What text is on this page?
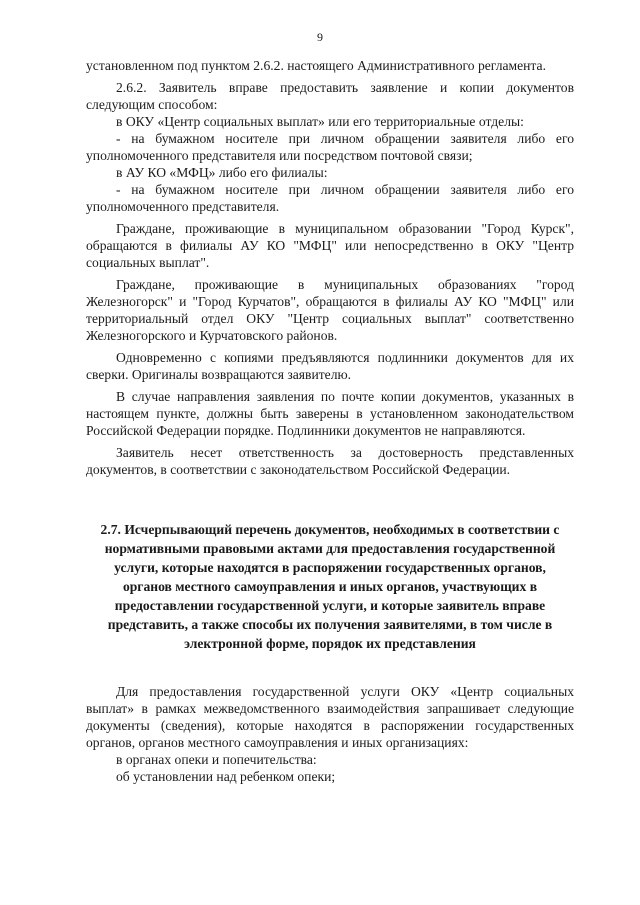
9

установленном под пунктом 2.6.2. настоящего Административного регламента.

2.6.2. Заявитель вправе предоставить заявление и копии документов следующим способом:

в ОКУ «Центр социальных выплат» или его территориальные отделы:

- на бумажном носителе при личном обращении заявителя либо его уполномоченного представителя или посредством почтовой связи;

в АУ КО «МФЦ» либо его филиалы:

- на бумажном носителе при личном обращении заявителя либо его уполномоченного представителя.

Граждане, проживающие в муниципальном образовании "Город Курск", обращаются в филиалы АУ КО "МФЦ" или непосредственно в ОКУ "Центр социальных выплат".

Граждане, проживающие в муниципальных образованиях "город Железногорск" и "Город Курчатов", обращаются в филиалы АУ КО "МФЦ" или территориальный отдел ОКУ "Центр социальных выплат" соответственно Железногорского и Курчатовского районов.

Одновременно с копиями предъявляются подлинники документов для их сверки. Оригиналы возвращаются заявителю.

В случае направления заявления по почте копии документов, указанных в настоящем пункте, должны быть заверены в установленном законодательством Российской Федерации порядке. Подлинники документов не направляются.

Заявитель несет ответственность за достоверность представленных документов, в соответствии с законодательством Российской Федерации.

2.7. Исчерпывающий перечень документов, необходимых в соответствии с нормативными правовыми актами для предоставления государственной услуги, которые находятся в распоряжении государственных органов, органов местного самоуправления и иных органов, участвующих в предоставлении государственной услуги, и которые заявитель вправе представить, а также способы их получения заявителями, в том числе в электронной форме, порядок их представления

Для предоставления государственной услуги ОКУ «Центр социальных выплат» в рамках межведомственного взаимодействия запрашивает следующие документы (сведения), которые находятся в распоряжении государственных органов, органов местного самоуправления и иных организациях:

в органах опеки и попечительства:

об установлении над ребенком опеки;
